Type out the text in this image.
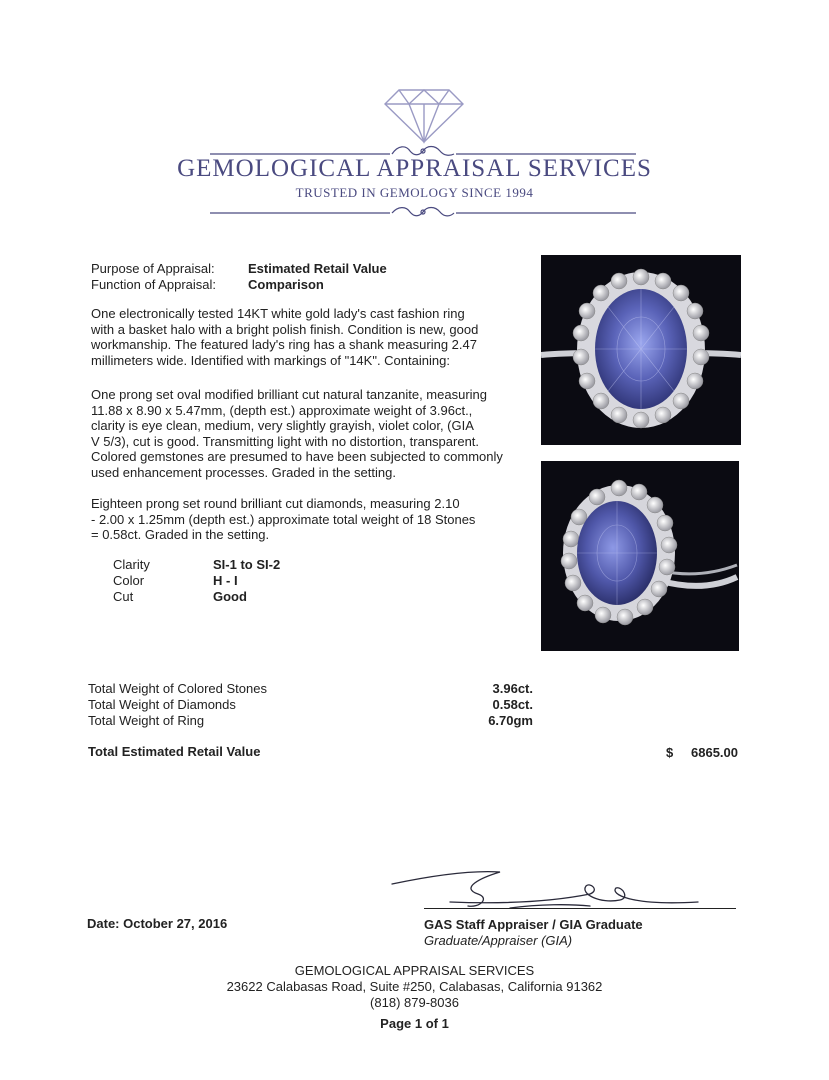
GEMOLOGICAL APPRAISAL SERVICES
TRUSTED IN GEMOLOGY SINCE 1994
Purpose of Appraisal:	Estimated Retail Value
Function of Appraisal: Comparison
One electronically tested 14KT white gold lady's cast fashion ring
with a basket halo with a bright polish finish. Condition is new, good
workmanship. The featured lady's ring has a shank measuring 2.47
millimeters wide. Identified with markings of "14K". Containing:
One prong set oval modified brilliant cut natural tanzanite, measuring
11.88 x 8.90 x 5.47mm, (depth est.) approximate weight of 3.96ct.,
clarity is eye clean, medium, very slightly grayish, violet color, (GIA
V 5/3), cut is good. Transmitting light with no distortion, transparent.
Colored gemstones are presumed to have been subjected to commonly
used enhancement processes. Graded in the setting.
Eighteen prong set round brilliant cut diamonds, measuring 2.10
- 2.00 x 1.25mm (depth est.) approximate total weight of 18 Stones
= 0.58ct. Graded in the setting.
Clarity	SI-1 to SI-2
Color	H - I
Cut	Good
Total Weight of Colored Stones	3.96ct.
Total Weight of Diamonds	0.58ct.
Total Weight of Ring	6.70gm
Total Estimated Retail Value	$	6865.00
Date: October 27, 2016	GAS Staff Appraiser / GIA Graduate
Graduate/Appraiser (GIA)
GEMOLOGICAL APPRAISAL SERVICES
23622 Calabasas Road, Suite #250, Calabasas, California 91362
(818) 879-8036
Page 1 of 1
